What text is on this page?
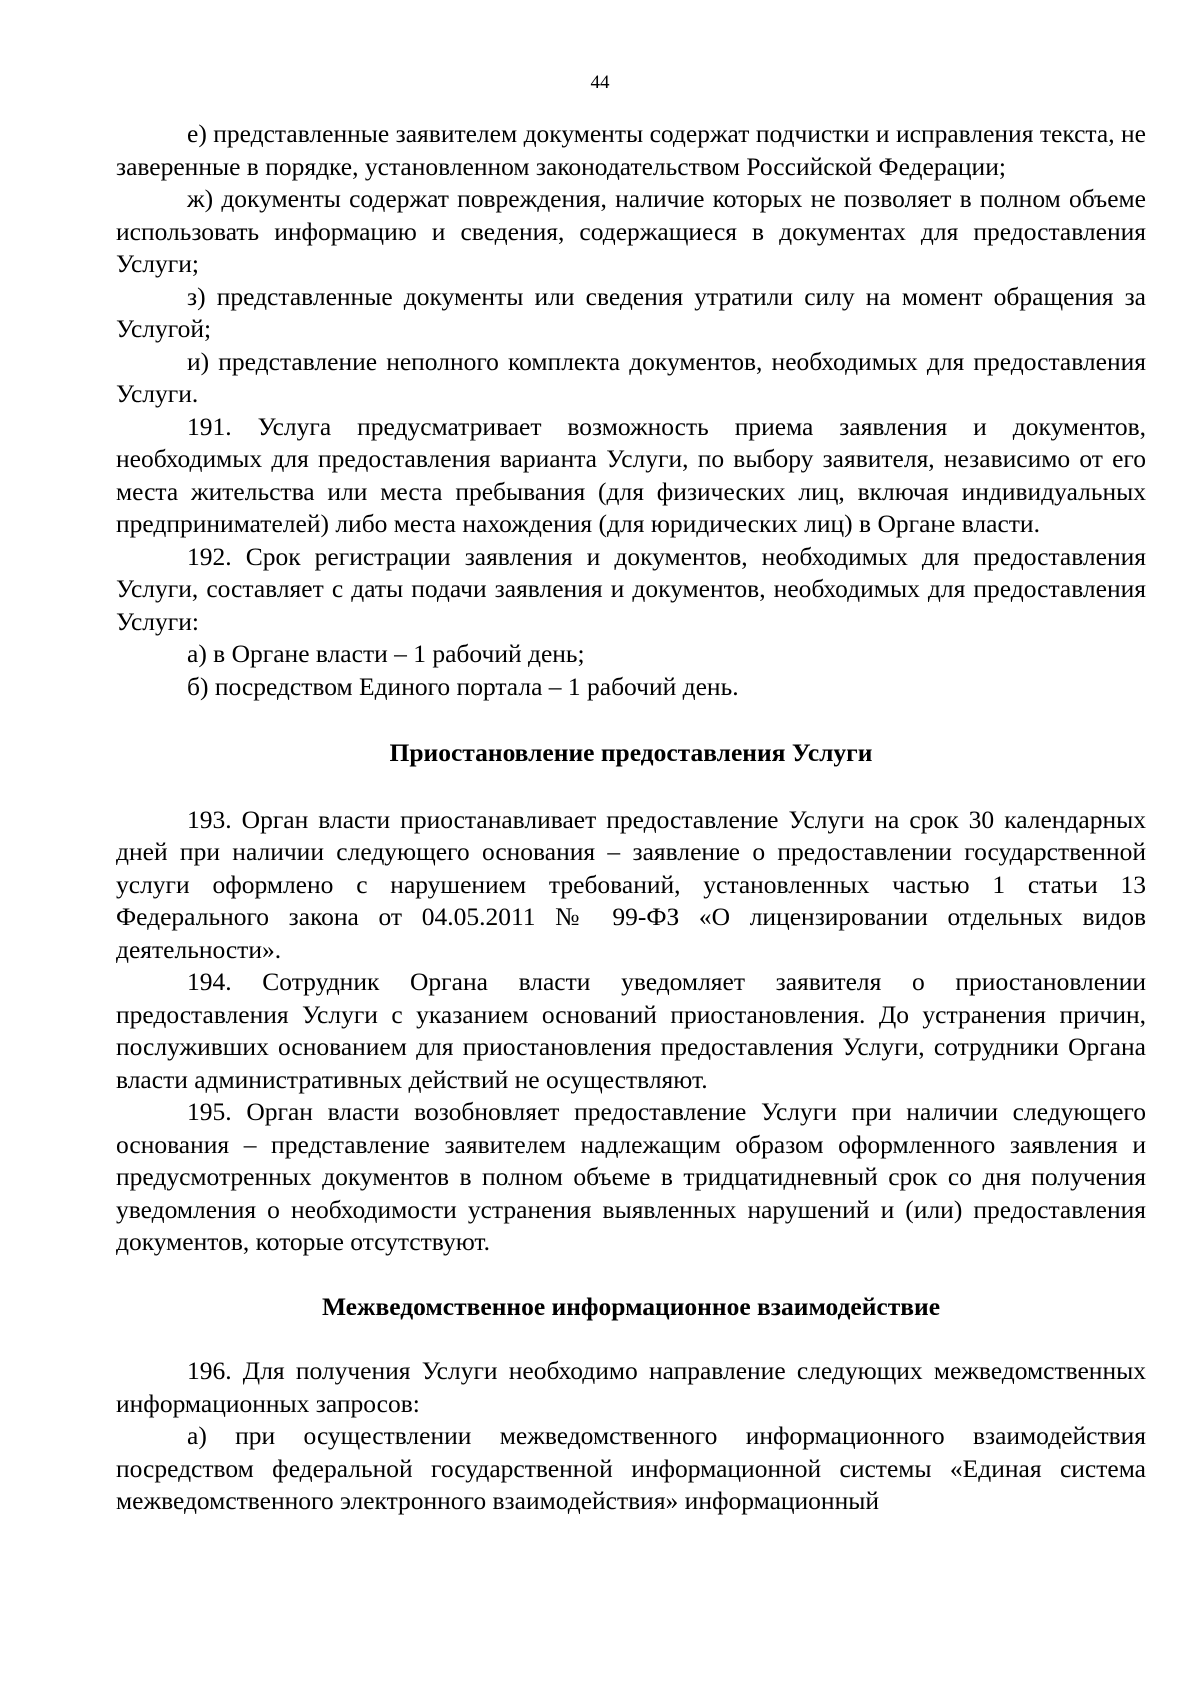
44

е) представленные заявителем документы содержат подчистки и исправления текста, не заверенные в порядке, установленном законодательством Российской Федерации;

ж) документы содержат повреждения, наличие которых не позволяет в полном объеме использовать информацию и сведения, содержащиеся в документах для предоставления Услуги;

з) представленные документы или сведения утратили силу на момент обращения за Услугой;

и) представление неполного комплекта документов, необходимых для предоставления Услуги.

191. Услуга предусматривает возможность приема заявления и документов, необходимых для предоставления варианта Услуги, по выбору заявителя, независимо от его места жительства или места пребывания (для физических лиц, включая индивидуальных предпринимателей) либо места нахождения (для юридических лиц) в Органе власти.

192. Срок регистрации заявления и документов, необходимых для предоставления Услуги, составляет с даты подачи заявления и документов, необходимых для предоставления Услуги:

а) в Органе власти – 1 рабочий день;

б) посредством Единого портала – 1 рабочий день.

Приостановление предоставления Услуги

193. Орган власти приостанавливает предоставление Услуги на срок 30 календарных дней при наличии следующего основания – заявление о предоставлении государственной услуги оформлено с нарушением требований, установленных частью 1 статьи 13 Федерального закона от 04.05.2011 № 99-ФЗ «О лицензировании отдельных видов деятельности».

194. Сотрудник Органа власти уведомляет заявителя о приостановлении предоставления Услуги с указанием оснований приостановления. До устранения причин, послуживших основанием для приостановления предоставления Услуги, сотрудники Органа власти административных действий не осуществляют.

195. Орган власти возобновляет предоставление Услуги при наличии следующего основания – представление заявителем надлежащим образом оформленного заявления и предусмотренных документов в полном объеме в тридцатидневный срок со дня получения уведомления о необходимости устранения выявленных нарушений и (или) предоставления документов, которые отсутствуют.

Межведомственное информационное взаимодействие

196. Для получения Услуги необходимо направление следующих межведомственных информационных запросов:

а) при осуществлении межведомственного информационного взаимодействия посредством федеральной государственной информационной системы «Единая система межведомственного электронного взаимодействия» информационный
